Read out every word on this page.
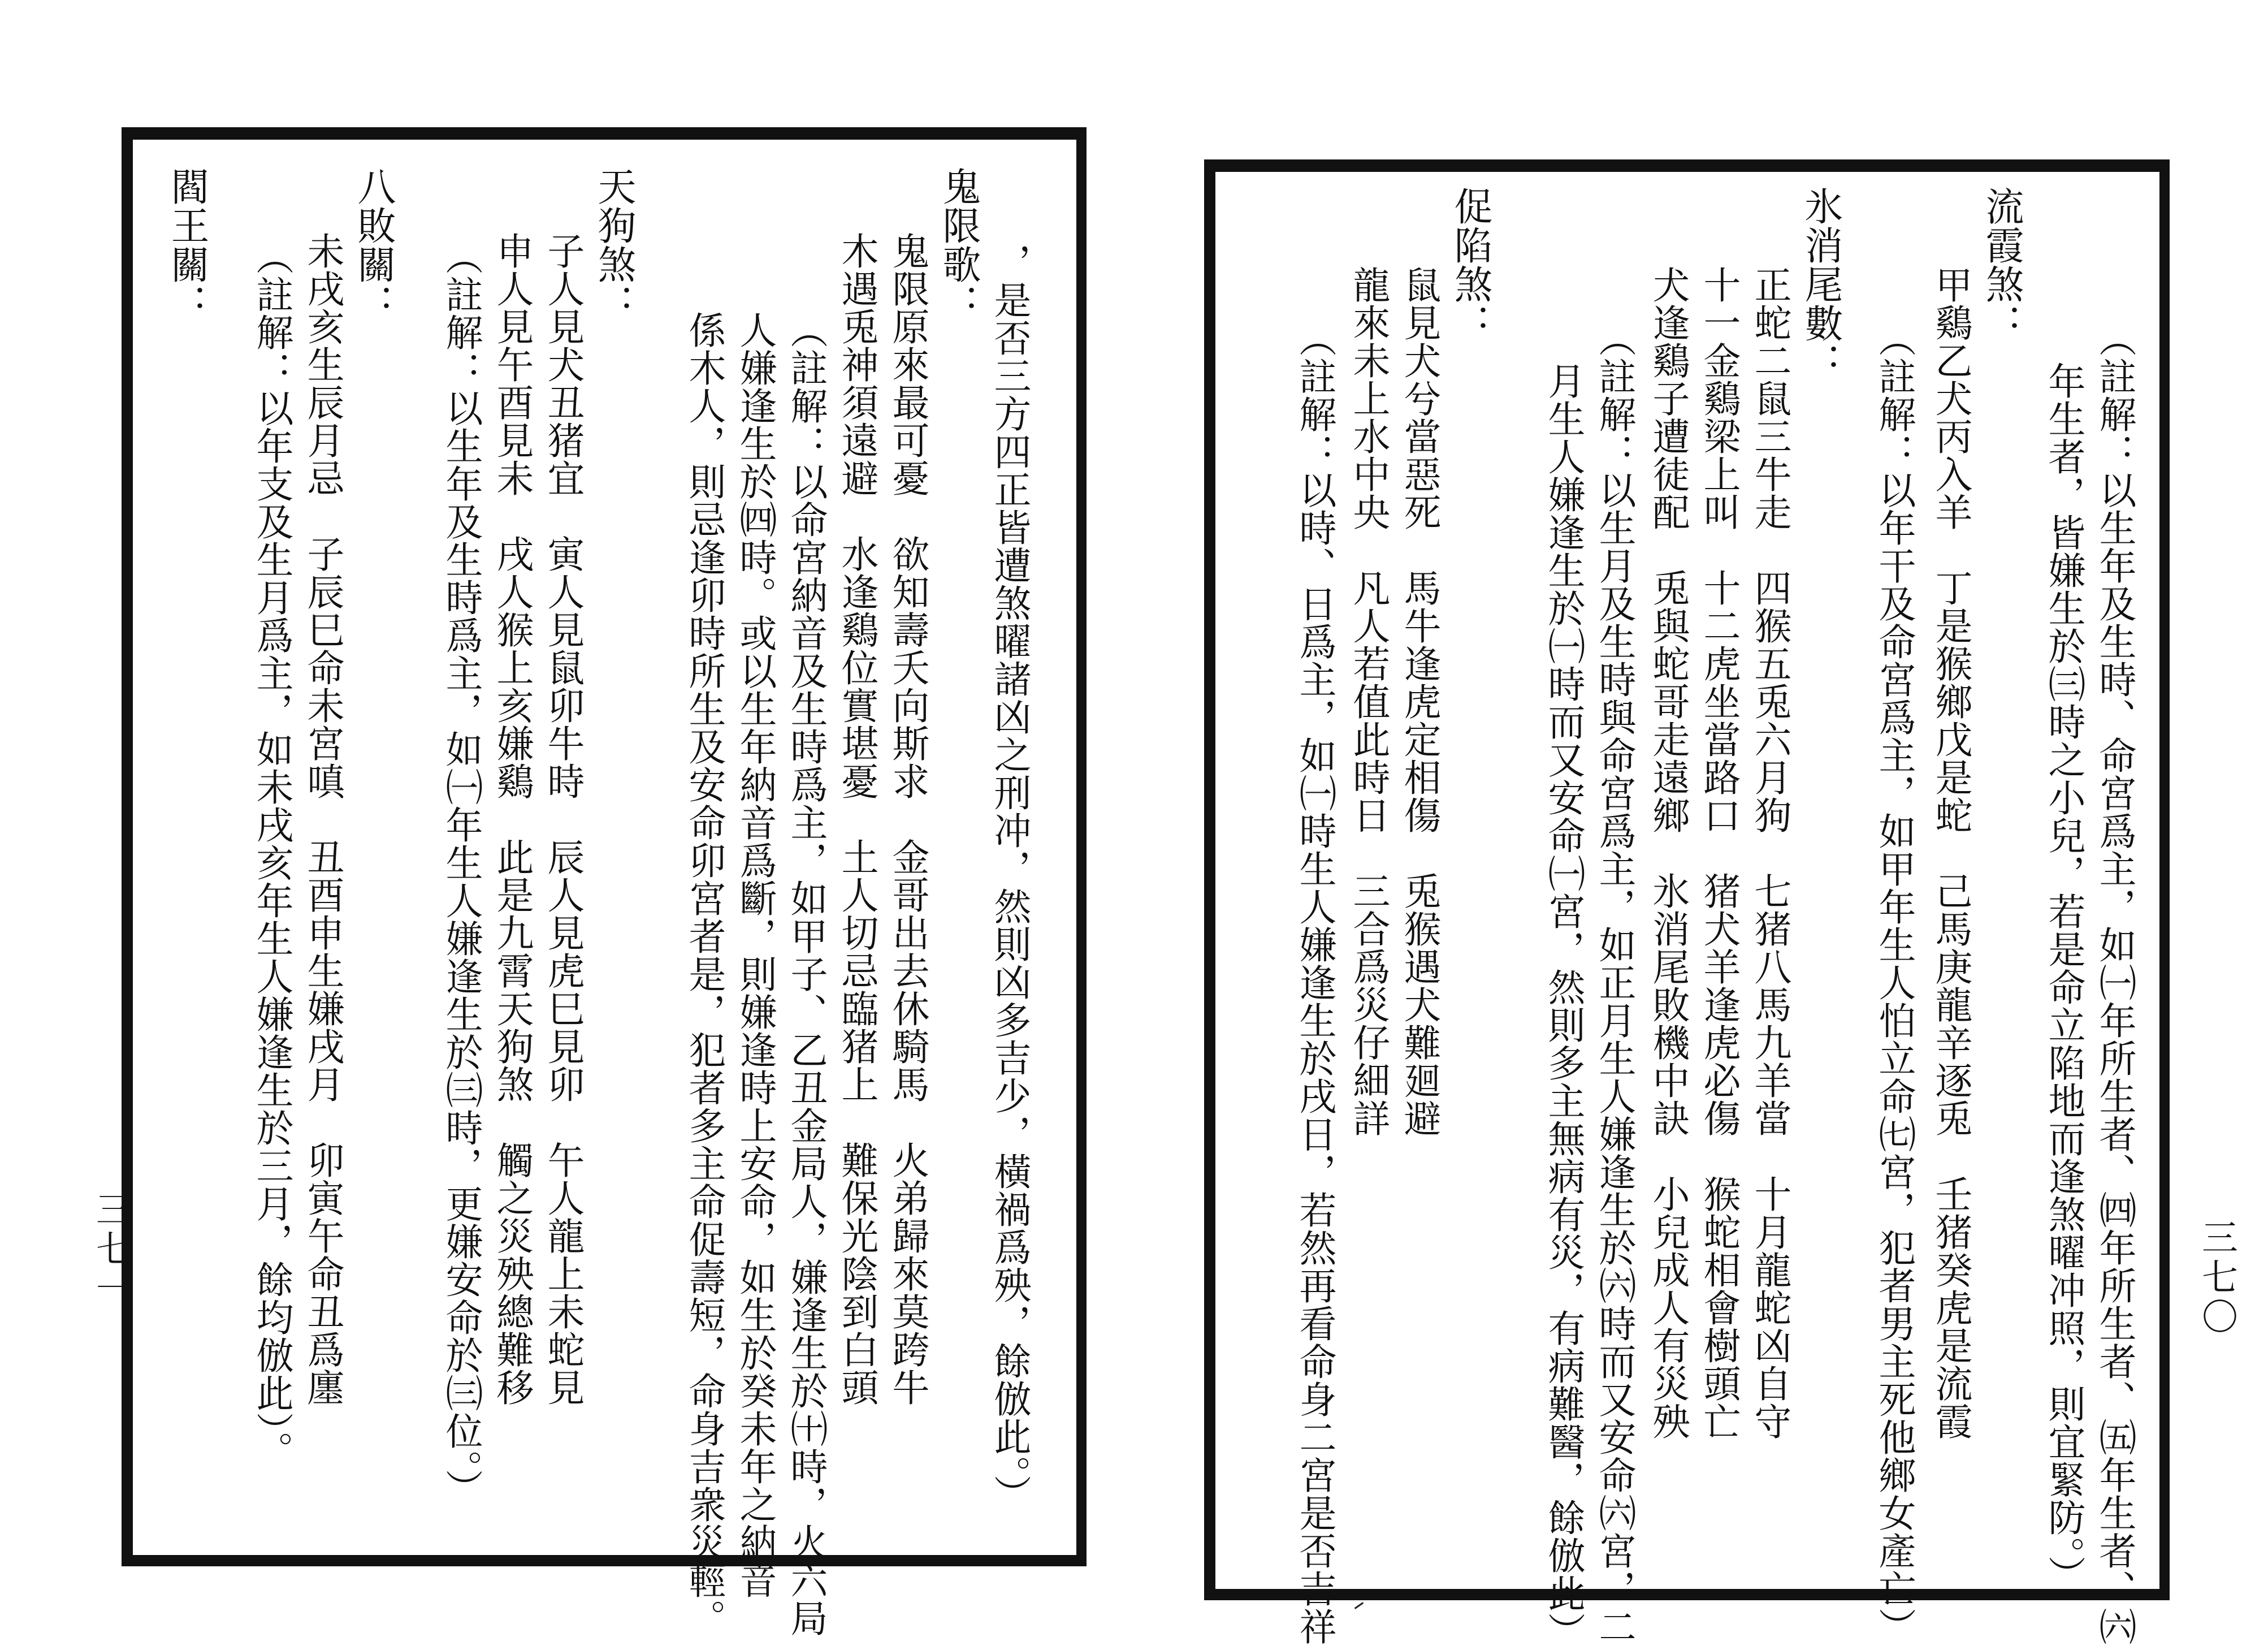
，是否三方四正皆遭煞曜諸凶之刑冲，然則凶多吉少，橫禍爲殃，餘倣此。）
鬼限歌：
鬼限原來最可憂　欲知壽夭向斯求　金哥出去休騎馬　火弟歸來莫跨牛
木遇兎神須遠避　水逢鷄位實堪憂　土人切忌臨猪上　難保光陰到白頭
（註解：以命宮納音及生時爲主，如甲子、乙丑金局人，嫌逢生於㈩時，火六局
人嫌逢生於㈣時。或以生年納音爲斷，則嫌逢時上安命，如生於癸未年之納音
係木人，則忌逢卯時所生及安命卯宮者是，犯者多主命促壽短，命身吉衆災輕。
天狗煞：
子人見犬丑猪宜　寅人見鼠卯牛時　辰人見虎巳見卯　午人龍上未蛇見
申人見午酉見未　戌人猴上亥嫌鷄　此是九霄天狗煞　觸之災殃總難移
（註解：以生年及生時爲主，如㈠年生人嫌逢生於㈢時，更嫌安命於㈢位。）
八敗關：
未戌亥生辰月忌　子辰巳命未宮嗔　丑酉申生嫌戌月　卯寅午命丑爲廛
（註解：以年支及生月爲主，如未戌亥年生人嫌逢生於三月，餘均倣此）。
閻王關：
三七一	（註解：以生年及生時、命宮爲主，如㈠年所生者、㈣年所生者、㈤年生者、㈥
年生者，皆嫌生於㈢時之小兒，若是命立陷地而逢煞曜冲照，則宜緊防。）
流霞煞：
甲鷄乙犬丙入羊　丁是猴鄉戊是蛇　己馬庚龍辛逐兎　壬猪癸虎是流霞
（註解：以年干及命宮爲主，如甲年生人怕立命㈦宮，犯者男主死他鄉女產亡）
氷消尾數：
正蛇二鼠三牛走　四猴五兎六月狗　七猪八馬九羊當　十月龍蛇凶自守
十一金鷄梁上叫　十二虎坐當路口　猪犬羊逢虎必傷　猴蛇相會樹頭亡
犬逢鷄子遭徒配　兎與蛇哥走遠鄉　氷消尾敗機中訣　小兒成人有災殃
（註解：以生月及生時與命宮爲主，如正月生人嫌逢生於㈥時而又安命㈥宮，二
月生人嫌逢生於㈠時而又安命㈠宮，然則多主無病有災，有病難醫，餘倣此）
促陷煞：
鼠見犬兮當惡死　馬牛逢虎定相傷　兎猴遇犬難廻避
龍來未上水中央　凡人若值此時日　三合爲災仔細詳
（註解：以時、日爲主，如㈠時生人嫌逢生於戌日，若然再看命身二宮是否吉祥	三七〇
